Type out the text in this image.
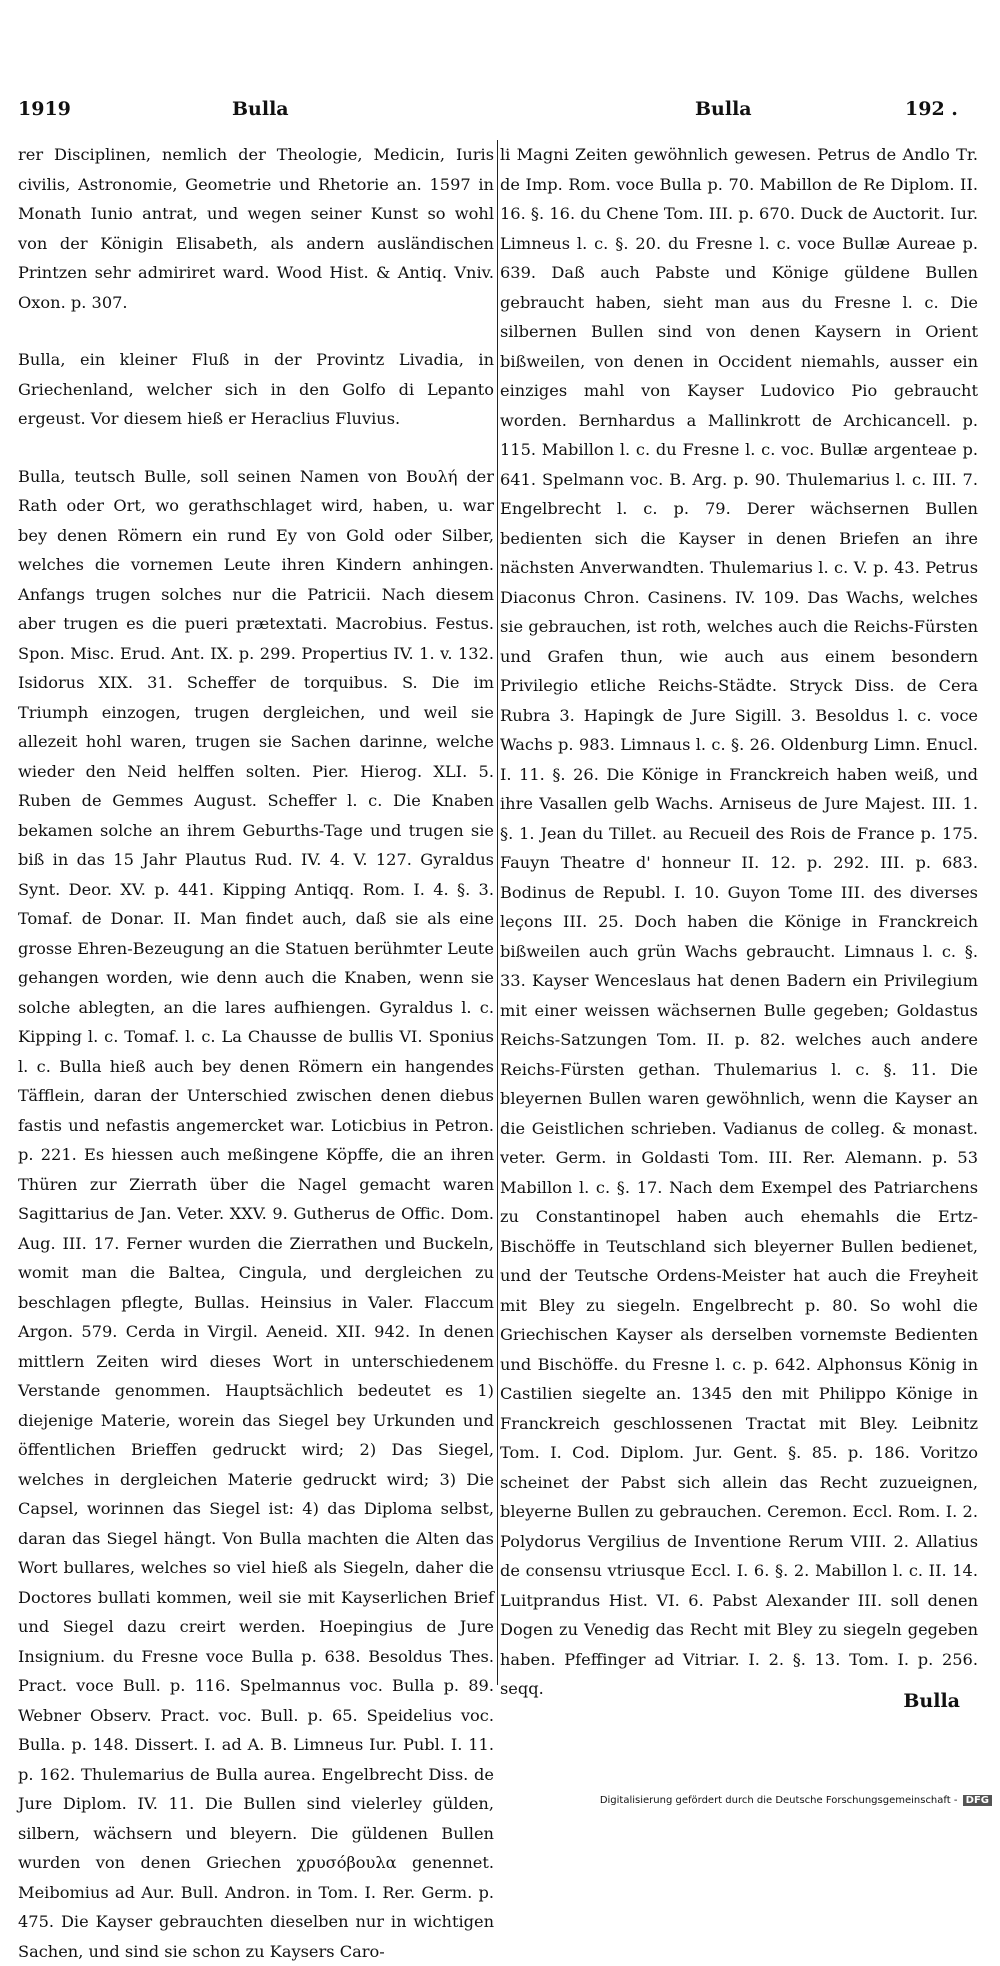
1919	Bulla	Bulla	192 .

rer Disciplinen, nemlich der Theologie, Medicin, Iuris civilis, Astronomie, Geometrie und Rhetorie an. 1597 in Monath Iunio antrat, und wegen seiner Kunst so wohl von der Königin Elisabeth, als andern ausländischen Printzen sehr admiriret ward. Wood Hist. & Antiq. Vniv. Oxon. p. 307.

Bulla, ein kleiner Fluß in der Provintz Livadia, in Griechenland, welcher sich in den Golfo di Lepanto ergeust. Vor diesem hieß er Heraclius Fluvius.

Bulla, teutsch Bulle, soll seinen Namen von Βουλή der Rath oder Ort, wo gerathschlaget wird, haben, u. war bey denen Römern ein rund Ey von Gold oder Silber, welches die vornemen Leute ihren Kindern anhingen. Anfangs trugen solches nur die Patricii. Nach diesem aber trugen es die pueri prætextati. Macrobius. Festus. Spon. Misc. Erud. Ant. IX. p. 299. Propertius IV. 1. v. 132. Isidorus XIX. 31. Scheffer de torquibus. S. Die im Triumph einzogen, trugen dergleichen, und weil sie allezeit hohl waren, trugen sie Sachen darinne, welche wieder den Neid helffen solten. Pier. Hierog. XLI. 5. Ruben de Gemmes August. Scheffer l. c. Die Knaben bekamen solche an ihrem Geburths-Tage und trugen sie biß in das 15 Jahr Plautus Rud. IV. 4. V. 127. Gyraldus Synt. Deor. XV. p. 441. Kipping Antiqq. Rom. I. 4. §. 3. Tomaf. de Donar. II. Man findet auch, daß sie als eine grosse Ehren-Bezeugung an die Statuen berühmter Leute gehangen worden, wie denn auch die Knaben, wenn sie solche ablegten, an die lares aufhiengen. Gyraldus l. c. Kipping l. c. Tomaf. l. c. La Chausse de bullis VI. Sponius l. c. Bulla hieß auch bey denen Römern ein hangendes Täfflein, daran der Unterschied zwischen denen diebus fastis und nefastis angemercket war. Loticbius in Petron. p. 221. Es hiessen auch meßingene Köpffe, die an ihren Thüren zur Zierrath über die Nagel gemacht waren Sagittarius de Jan. Veter. XXV. 9. Gutherus de Offic. Dom. Aug. III. 17. Ferner wurden die Zierrathen und Buckeln, womit man die Baltea, Cingula, und dergleichen zu beschlagen pflegte, Bullas. Heinsius in Valer. Flaccum Argon. 579. Cerda in Virgil. Aeneid. XII. 942. In denen mittlern Zeiten wird dieses Wort in unterschiedenem Verstande genommen. Hauptsächlich bedeutet es 1) diejenige Materie, worein das Siegel bey Urkunden und öffentlichen Brieffen gedruckt wird; 2) Das Siegel, welches in dergleichen Materie gedruckt wird; 3) Die Capsel, worinnen das Siegel ist: 4) das Diploma selbst, daran das Siegel hängt. Von Bulla machten die Alten das Wort bullares, welches so viel hieß als Siegeln, daher die Doctores bullati kommen, weil sie mit Kayserlichen Brief und Siegel dazu creirt werden. Hoepingius de Jure Insignium. du Fresne voce Bulla p. 638. Besoldus Thes. Pract. voce Bull. p. 116. Spelmannus voc. Bulla p. 89. Webner Observ. Pract. voc. Bull. p. 65. Speidelius voc. Bulla. p. 148. Dissert. I. ad A. B. Limneus Iur. Publ. I. 11. p. 162. Thulemarius de Bulla aurea. Engelbrecht Diss. de Jure Diplom. IV. 11. Die Bullen sind vielerley gülden, silbern, wächsern und bleyern. Die güldenen Bullen wurden von denen Griechen χρυσόβουλα genennet. Meibomius ad Aur. Bull. Andron. in Tom. I. Rer. Germ. p. 475. Die Kayser gebrauchten dieselben nur in wichtigen Sachen, und sind sie schon zu Kaysers Caro-

li Magni Zeiten gewöhnlich gewesen. Petrus de Andlo Tr. de Imp. Rom. voce Bulla p. 70. Mabillon de Re Diplom. II. 16. §. 16. du Chene Tom. III. p. 670. Duck de Auctorit. Iur. Limneus l. c. §. 20. du Fresne l. c. voce Bullæ Aureae p. 639. Daß auch Pabste und Könige güldene Bullen gebraucht haben, sieht man aus du Fresne l. c. Die silbernen Bullen sind von denen Kaysern in Orient bißweilen, von denen in Occident niemahls, ausser ein einziges mahl von Kayser Ludovico Pio gebraucht worden. Bernhardus a Mallinkrott de Archicancell. p. 115. Mabillon l. c. du Fresne l. c. voc. Bullæ argenteae p. 641. Spelmann voc. B. Arg. p. 90. Thulemarius l. c. III. 7. Engelbrecht l. c. p. 79. Derer wächsernen Bullen bedienten sich die Kayser in denen Briefen an ihre nächsten Anverwandten. Thulemarius l. c. V. p. 43. Petrus Diaconus Chron. Casinens. IV. 109. Das Wachs, welches sie gebrauchen, ist roth, welches auch die Reichs-Fürsten und Grafen thun, wie auch aus einem besondern Privilegio etliche Reichs-Städte. Stryck Diss. de Cera Rubra 3. Hapingk de Jure Sigill. 3. Besoldus l. c. voce Wachs p. 983. Limnaus l. c. §. 26. Oldenburg Limn. Enucl. I. 11. §. 26. Die Könige in Franckreich haben weiß, und ihre Vasallen gelb Wachs. Arniseus de Jure Majest. III. 1. §. 1. Jean du Tillet. au Recueil des Rois de France p. 175. Fauyn Theatre d' honneur II. 12. p. 292. III. p. 683. Bodinus de Republ. I. 10. Guyon Tome III. des diverses leçons III. 25. Doch haben die Könige in Franckreich bißweilen auch grün Wachs gebraucht. Limnaus l. c. §. 33. Kayser Wenceslaus hat denen Badern ein Privilegium mit einer weissen wächsernen Bulle gegeben; Goldastus Reichs-Satzungen Tom. II. p. 82. welches auch andere Reichs-Fürsten gethan. Thulemarius l. c. §. 11. Die bleyernen Bullen waren gewöhnlich, wenn die Kayser an die Geistlichen schrieben. Vadianus de colleg. & monast. veter. Germ. in Goldasti Tom. III. Rer. Alemann. p. 53 Mabillon l. c. §. 17. Nach dem Exempel des Patriarchens zu Constantinopel haben auch ehemahls die Ertz-Bischöffe in Teutschland sich bleyerner Bullen bedienet, und der Teutsche Ordens-Meister hat auch die Freyheit mit Bley zu siegeln. Engelbrecht p. 80. So wohl die Griechischen Kayser als derselben vornemste Bedienten und Bischöffe. du Fresne l. c. p. 642. Alphonsus König in Castilien siegelte an. 1345 den mit Philippo Könige in Franckreich geschlossenen Tractat mit Bley. Leibnitz Tom. I. Cod. Diplom. Jur. Gent. §. 85. p. 186. Voritzo scheinet der Pabst sich allein das Recht zuzueignen, bleyerne Bullen zu gebrauchen. Ceremon. Eccl. Rom. I. 2. Polydorus Vergilius de Inventione Rerum VIII. 2. Allatius de consensu vtriusque Eccl. I. 6. §. 2. Mabillon l. c. II. 14. Luitprandus Hist. VI. 6. Pabst Alexander III. soll denen Dogen zu Venedig das Recht mit Bley zu siegeln gegeben haben. Pfeffinger ad Vitriar. I. 2. §. 13. Tom. I. p. 256. seqq.

Bulla
Digitalisierung gefördert durch die Deutsche Forschungsgemeinschaft - DFG
